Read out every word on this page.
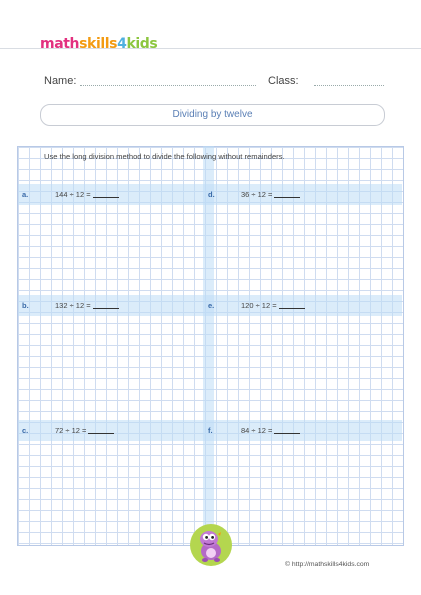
mathskills4kids
Name:	Class:
Dividing by twelve
Use the long division method to divide the following without remainders.
a.	144 ÷ 12 =
b.	132 ÷ 12 =
c.	72 ÷ 12 =
d.	36 ÷ 12 =
e.	120 ÷ 12 =
f.	84 ÷ 12 =
© http://mathskills4kids.com
